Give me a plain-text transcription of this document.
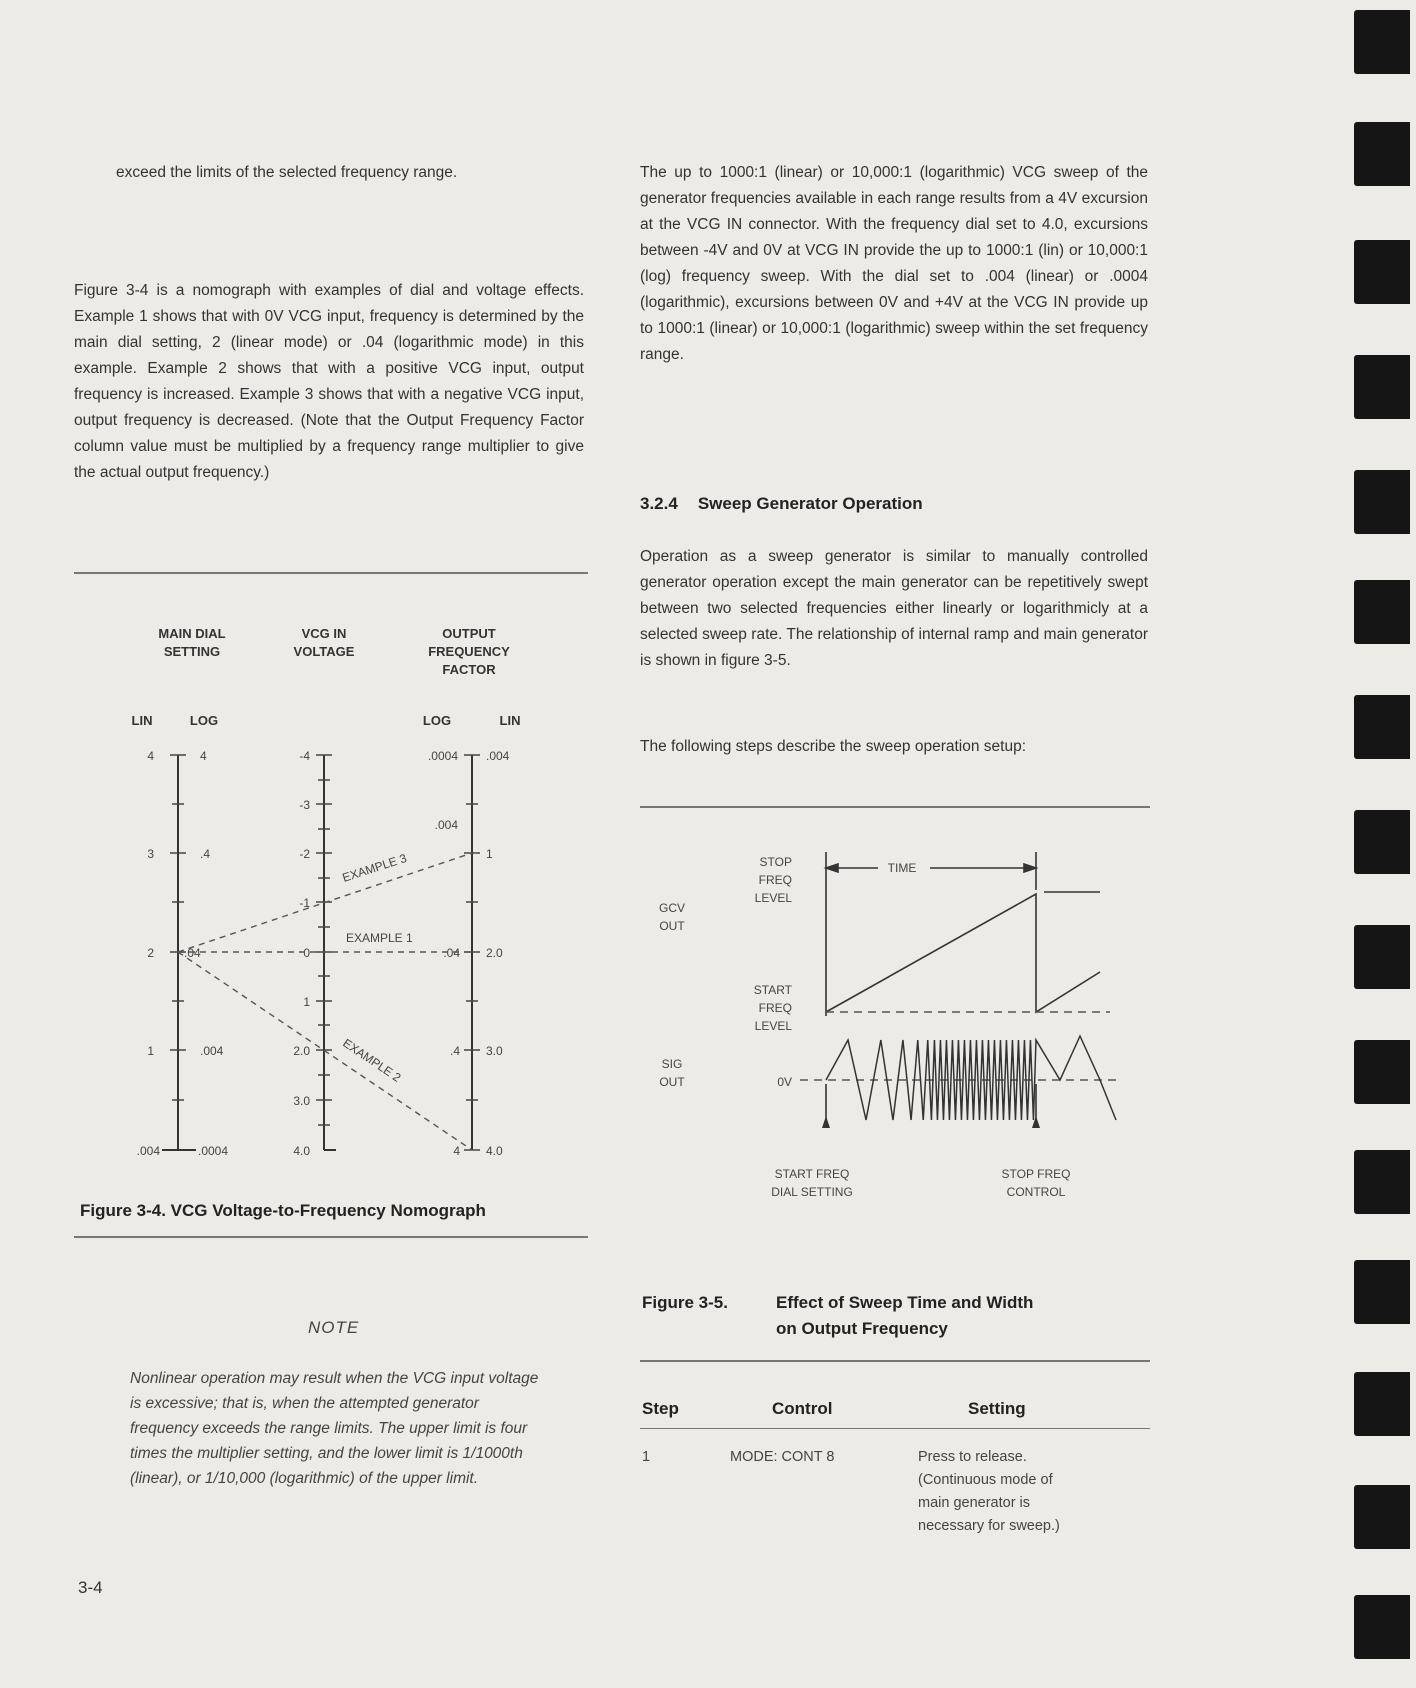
exceed the limits of the selected frequency range.

Figure 3-4 is a nomograph with examples of dial and voltage effects. Example 1 shows that with 0V VCG input, frequency is determined by the main dial setting, 2 (linear mode) or .04 (logarithmic mode) in this example. Example 2 shows that with a positive VCG input, output frequency is increased. Example 3 shows that with a negative VCG input, output frequency is decreased. (Note that the Output Frequency Factor column value must be multiplied by a frequency range multiplier to give the actual output frequency.)

MAIN DIAL
SETTING
VCG IN
VOLTAGE
OUTPUT
FREQUENCY
FACTOR
LIN	LOG	LOG	LIN
4
3
2
1
.004
4
.4
.04
.004
.0004
-4
-3
-2
-1
0
1
2.0
3.0
4.0
.0004
.004
.04
.4
4
.004
1
2.0
3.0
4.0
EXAMPLE 3
EXAMPLE 1
EXAMPLE 2
Figure 3-4. VCG Voltage-to-Frequency Nomograph
NOTE
Nonlinear operation may result when the VCG input voltage is excessive; that is, when the attempted generator frequency exceeds the range limits. The upper limit is four times the multiplier setting, and the lower limit is 1/1000th (linear), or 1/10,000 (logarithmic) of the upper limit.
3-4

The up to 1000:1 (linear) or 10,000:1 (logarithmic) VCG sweep of the generator frequencies available in each range results from a 4V excursion at the VCG IN connector. With the frequency dial set to 4.0, excursions between -4V and 0V at VCG IN provide the up to 1000:1 (lin) or 10,000:1 (log) frequency sweep. With the dial set to .004 (linear) or .0004 (logarithmic), excursions between 0V and +4V at the VCG IN provide up to 1000:1 (linear) or 10,000:1 (logarithmic) sweep within the set frequency range.

3.2.4 Sweep Generator Operation

Operation as a sweep generator is similar to manually controlled generator operation except the main generator can be repetitively swept between two selected frequencies either linearly or logarithmicly at a selected sweep rate. The relationship of internal ramp and main generator is shown in figure 3-5.

The following steps describe the sweep operation setup:

STOP
FREQ
LEVEL
START
FREQ
LEVEL
0V
GCV
OUT
SIG
OUT
TIME
START FREQ
DIAL SETTING
STOP FREQ
CONTROL
Figure 3-5.	Effect of Sweep Time and Width
on Output Frequency
Step	Control	Setting
1	MODE: CONT 8	Press to release.
(Continuous mode of
main generator is
necessary for sweep.)
